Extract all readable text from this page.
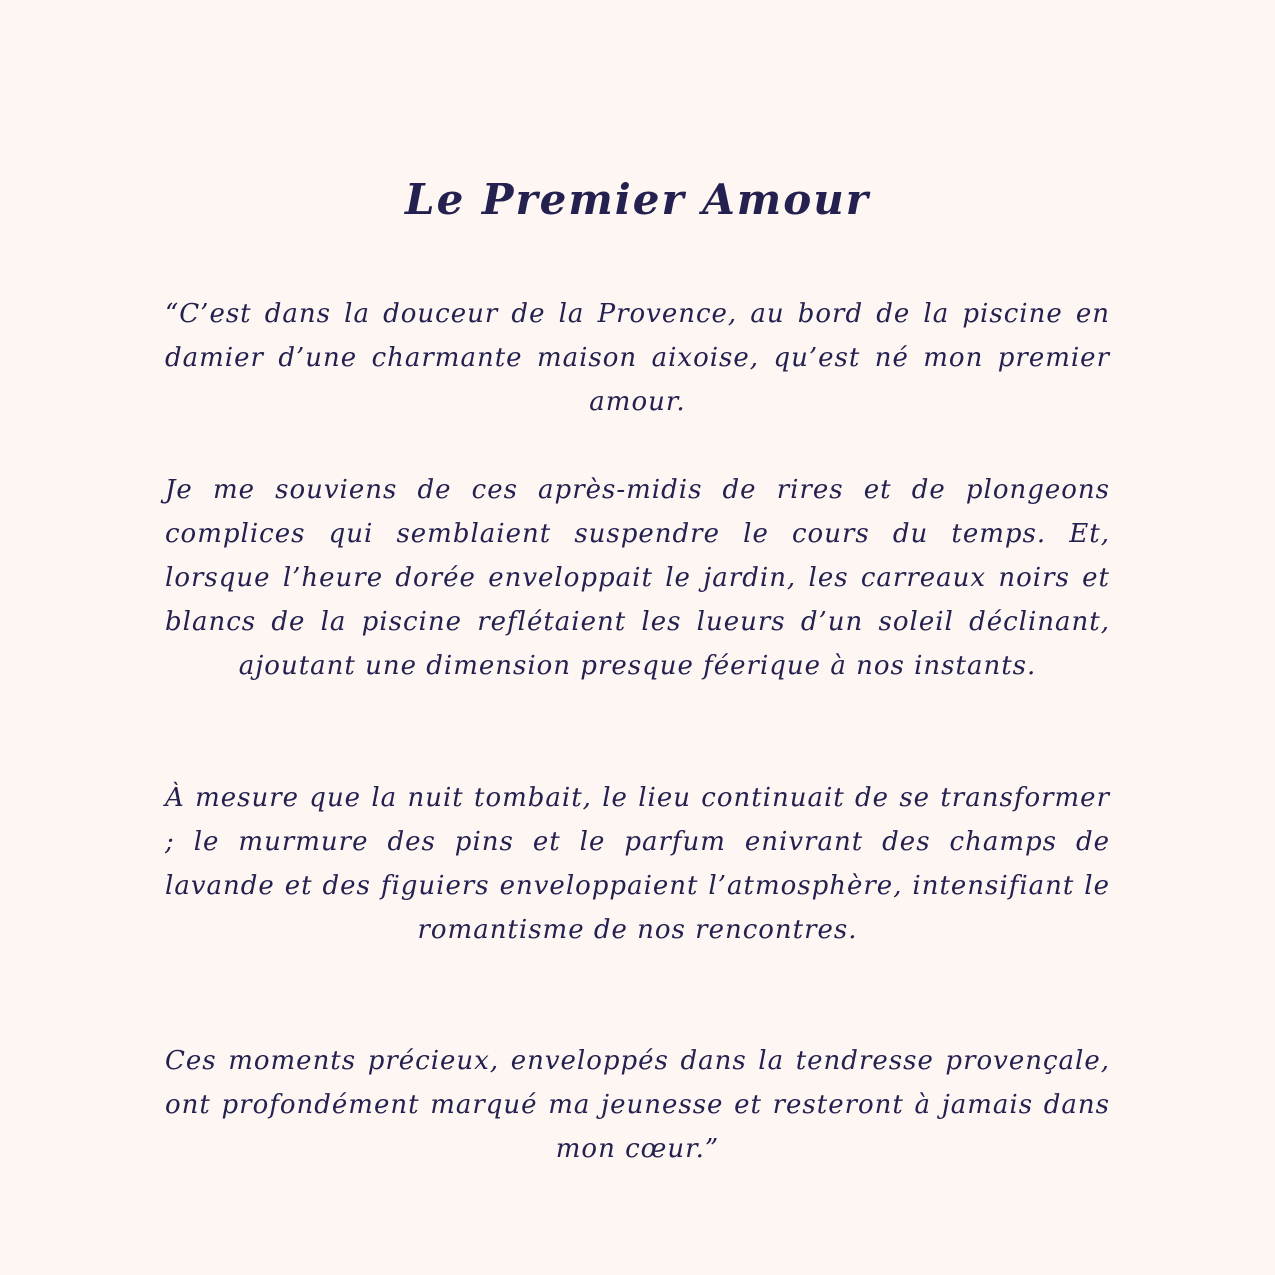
Le Premier Amour

“C’est dans la douceur de la Provence, au bord de la piscine en damier d’une charmante maison aixoise, qu’est né mon premier amour.

Je me souviens de ces après-midis de rires et de plongeons complices qui semblaient suspendre le cours du temps. Et, lorsque l’heure dorée enveloppait le jardin, les carreaux noirs et blancs de la piscine reflétaient les lueurs d’un soleil déclinant, ajoutant une dimension presque féerique à nos instants.

À mesure que la nuit tombait, le lieu continuait de se transformer ; le murmure des pins et le parfum enivrant des champs de lavande et des figuiers enveloppaient l’atmosphère, intensifiant le romantisme de nos rencontres.

Ces moments précieux, enveloppés dans la tendresse provençale, ont profondément marqué ma jeunesse et resteront à jamais dans mon cœur.”
